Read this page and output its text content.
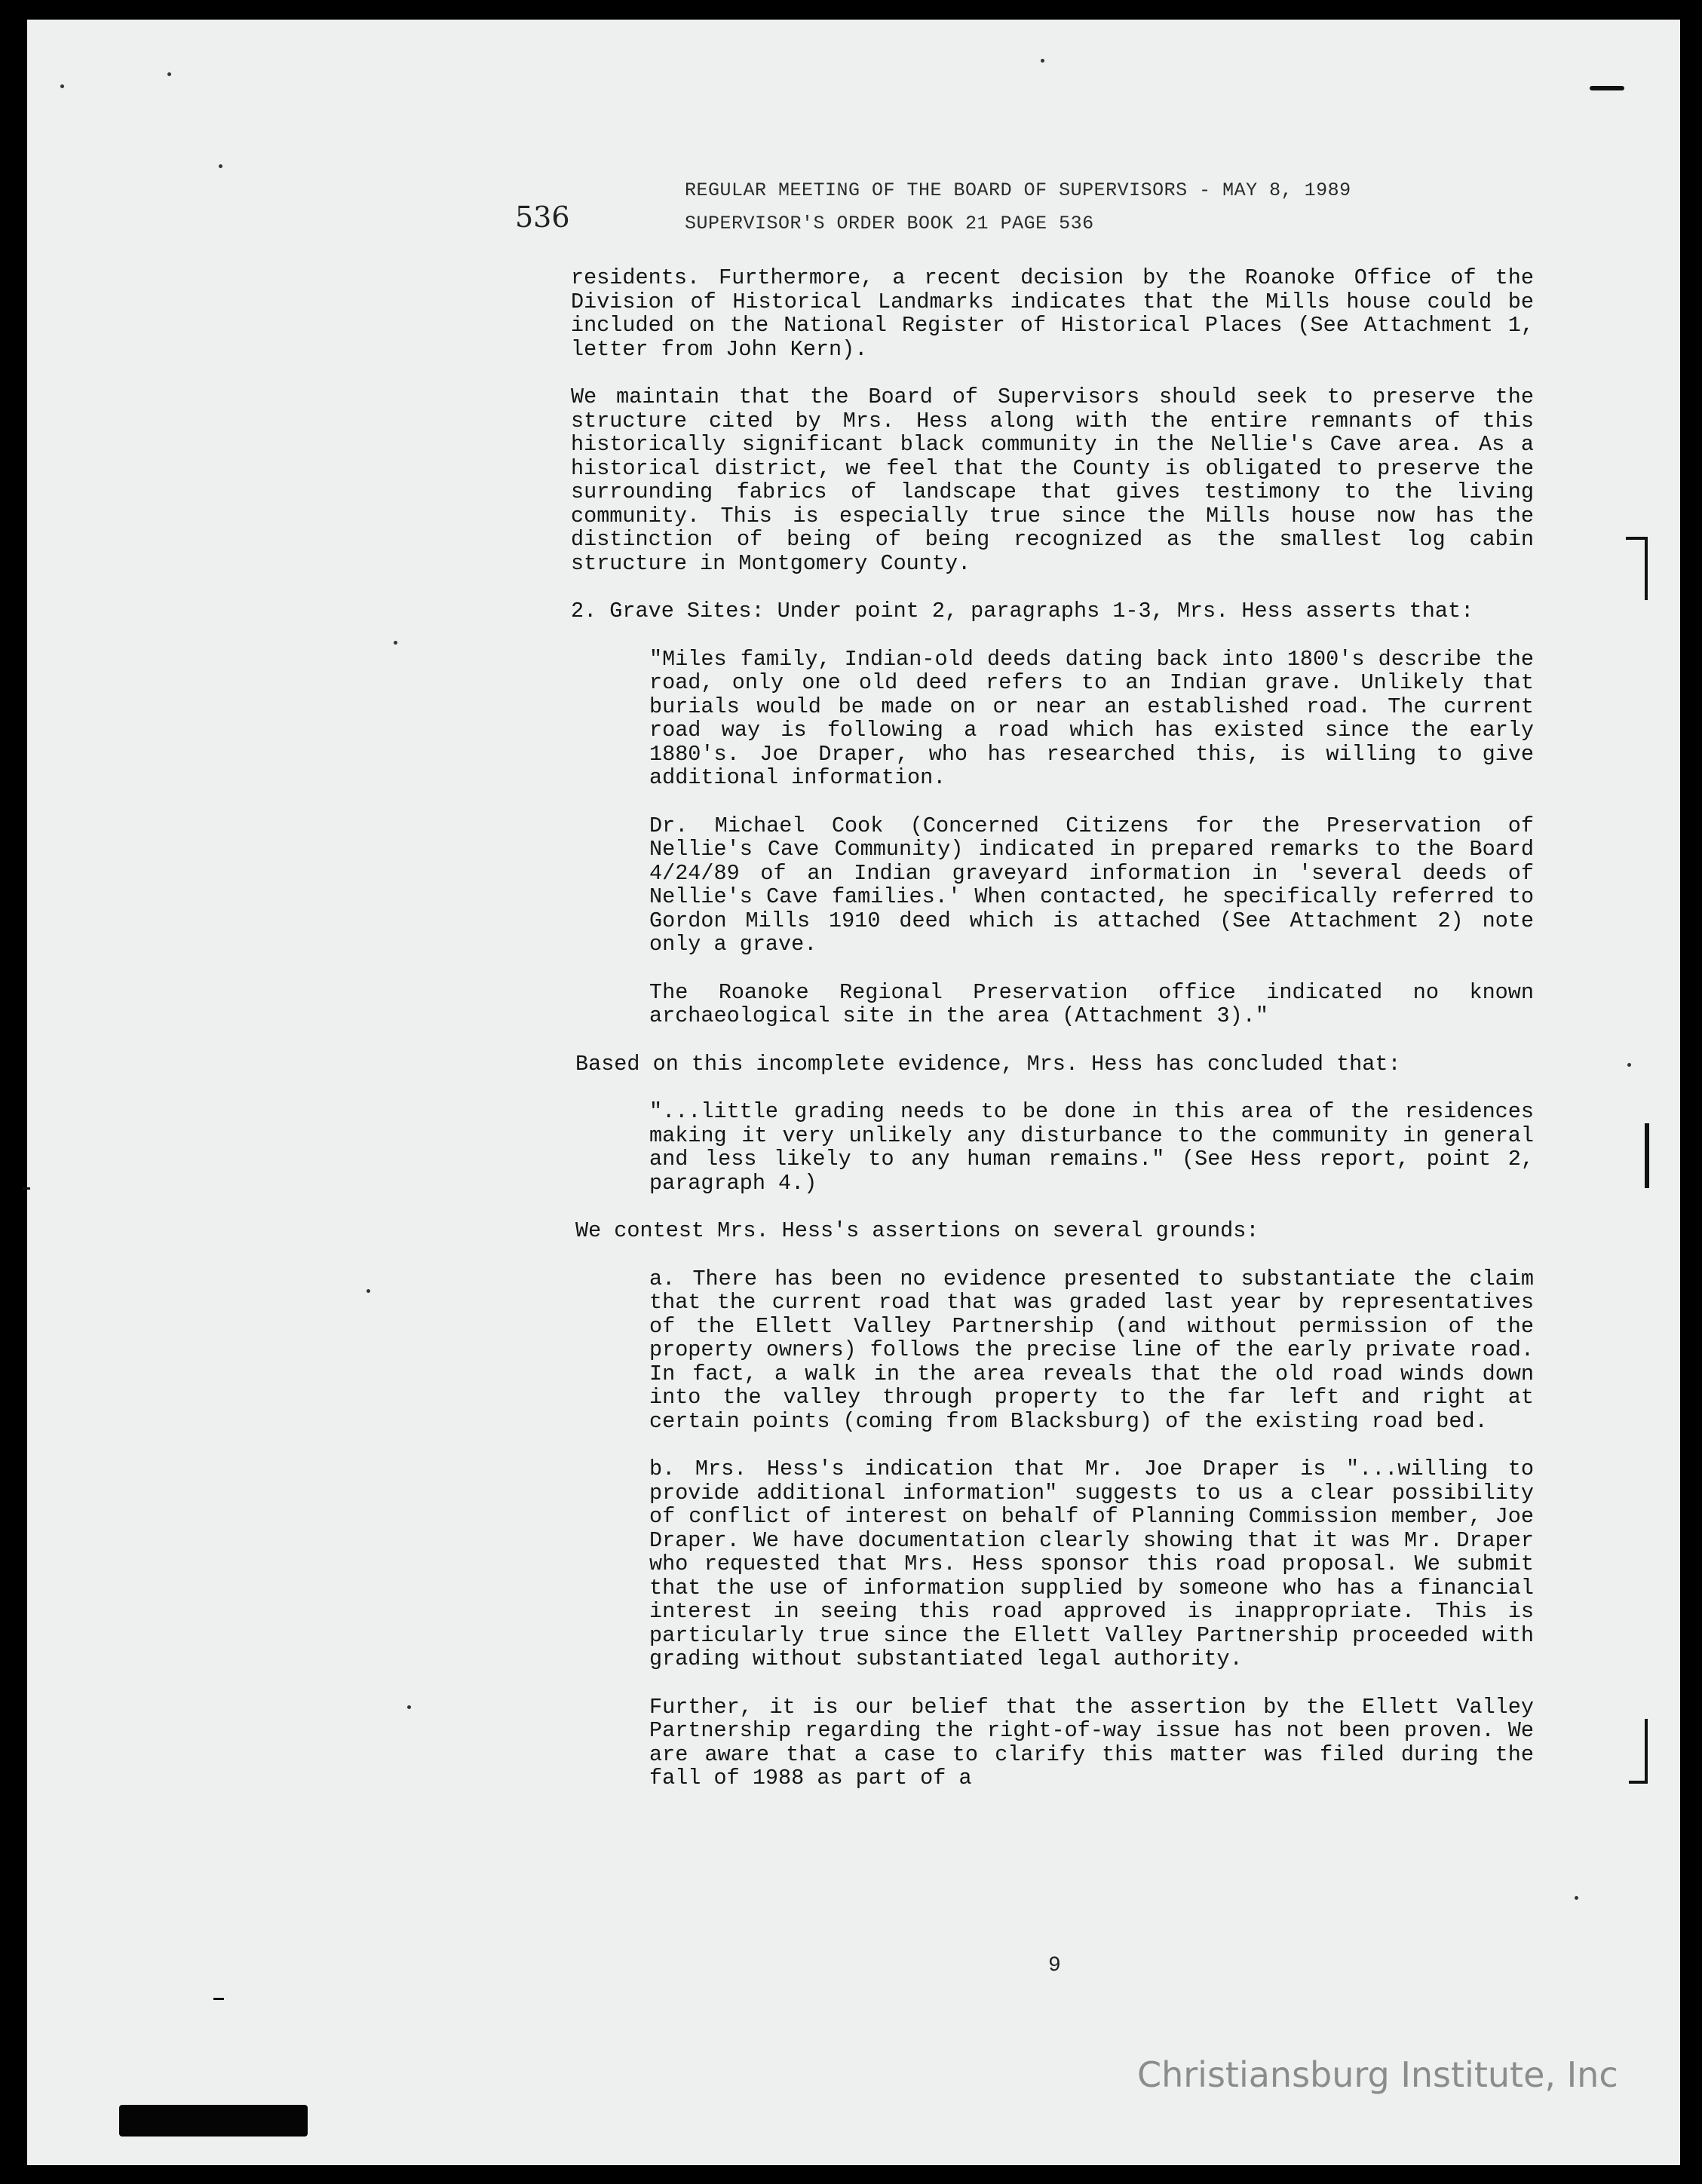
REGULAR MEETING OF THE BOARD OF SUPERVISORS - MAY 8, 1989
SUPERVISOR'S ORDER BOOK 21 PAGE 536
536

residents. Furthermore, a recent decision by the Roanoke Office of the Division of Historical Landmarks indicates that the Mills house could be included on the National Register of Historical Places (See Attachment 1, letter from John Kern).

We maintain that the Board of Supervisors should seek to preserve the structure cited by Mrs. Hess along with the entire remnants of this historically significant black community in the Nellie's Cave area. As a historical district, we feel that the County is obligated to preserve the surrounding fabrics of landscape that gives testimony to the living community. This is especially true since the Mills house now has the distinction of being of being recognized as the smallest log cabin structure in Montgomery County.

2. Grave Sites: Under point 2, paragraphs 1-3, Mrs. Hess asserts that:

"Miles family, Indian-old deeds dating back into 1800's describe the road, only one old deed refers to an Indian grave. Unlikely that burials would be made on or near an established road. The current road way is following a road which has existed since the early 1880's. Joe Draper, who has researched this, is willing to give additional information.

Dr. Michael Cook (Concerned Citizens for the Preservation of Nellie's Cave Community) indicated in prepared remarks to the Board 4/24/89 of an Indian graveyard information in 'several deeds of Nellie's Cave families.' When contacted, he specifically referred to Gordon Mills 1910 deed which is attached (See Attachment 2) note only a grave.

The Roanoke Regional Preservation office indicated no known archaeological site in the area (Attachment 3)."

Based on this incomplete evidence, Mrs. Hess has concluded that:

"...little grading needs to be done in this area of the residences making it very unlikely any disturbance to the community in general and less likely to any human remains." (See Hess report, point 2, paragraph 4.)

We contest Mrs. Hess's assertions on several grounds:

a. There has been no evidence presented to substantiate the claim that the current road that was graded last year by representatives of the Ellett Valley Partnership (and without permission of the property owners) follows the precise line of the early private road. In fact, a walk in the area reveals that the old road winds down into the valley through property to the far left and right at certain points (coming from Blacksburg) of the existing road bed.

b. Mrs. Hess's indication that Mr. Joe Draper is "...willing to provide additional information" suggests to us a clear possibility of conflict of interest on behalf of Planning Commission member, Joe Draper. We have documentation clearly showing that it was Mr. Draper who requested that Mrs. Hess sponsor this road proposal. We submit that the use of information supplied by someone who has a financial interest in seeing this road approved is inappropriate. This is particularly true since the Ellett Valley Partnership proceeded with grading without substantiated legal authority.

Further, it is our belief that the assertion by the Ellett Valley Partnership regarding the right-of-way issue has not been proven. We are aware that a case to clarify this matter was filed during the fall of 1988 as part of a

9
Christiansburg Institute, Inc
